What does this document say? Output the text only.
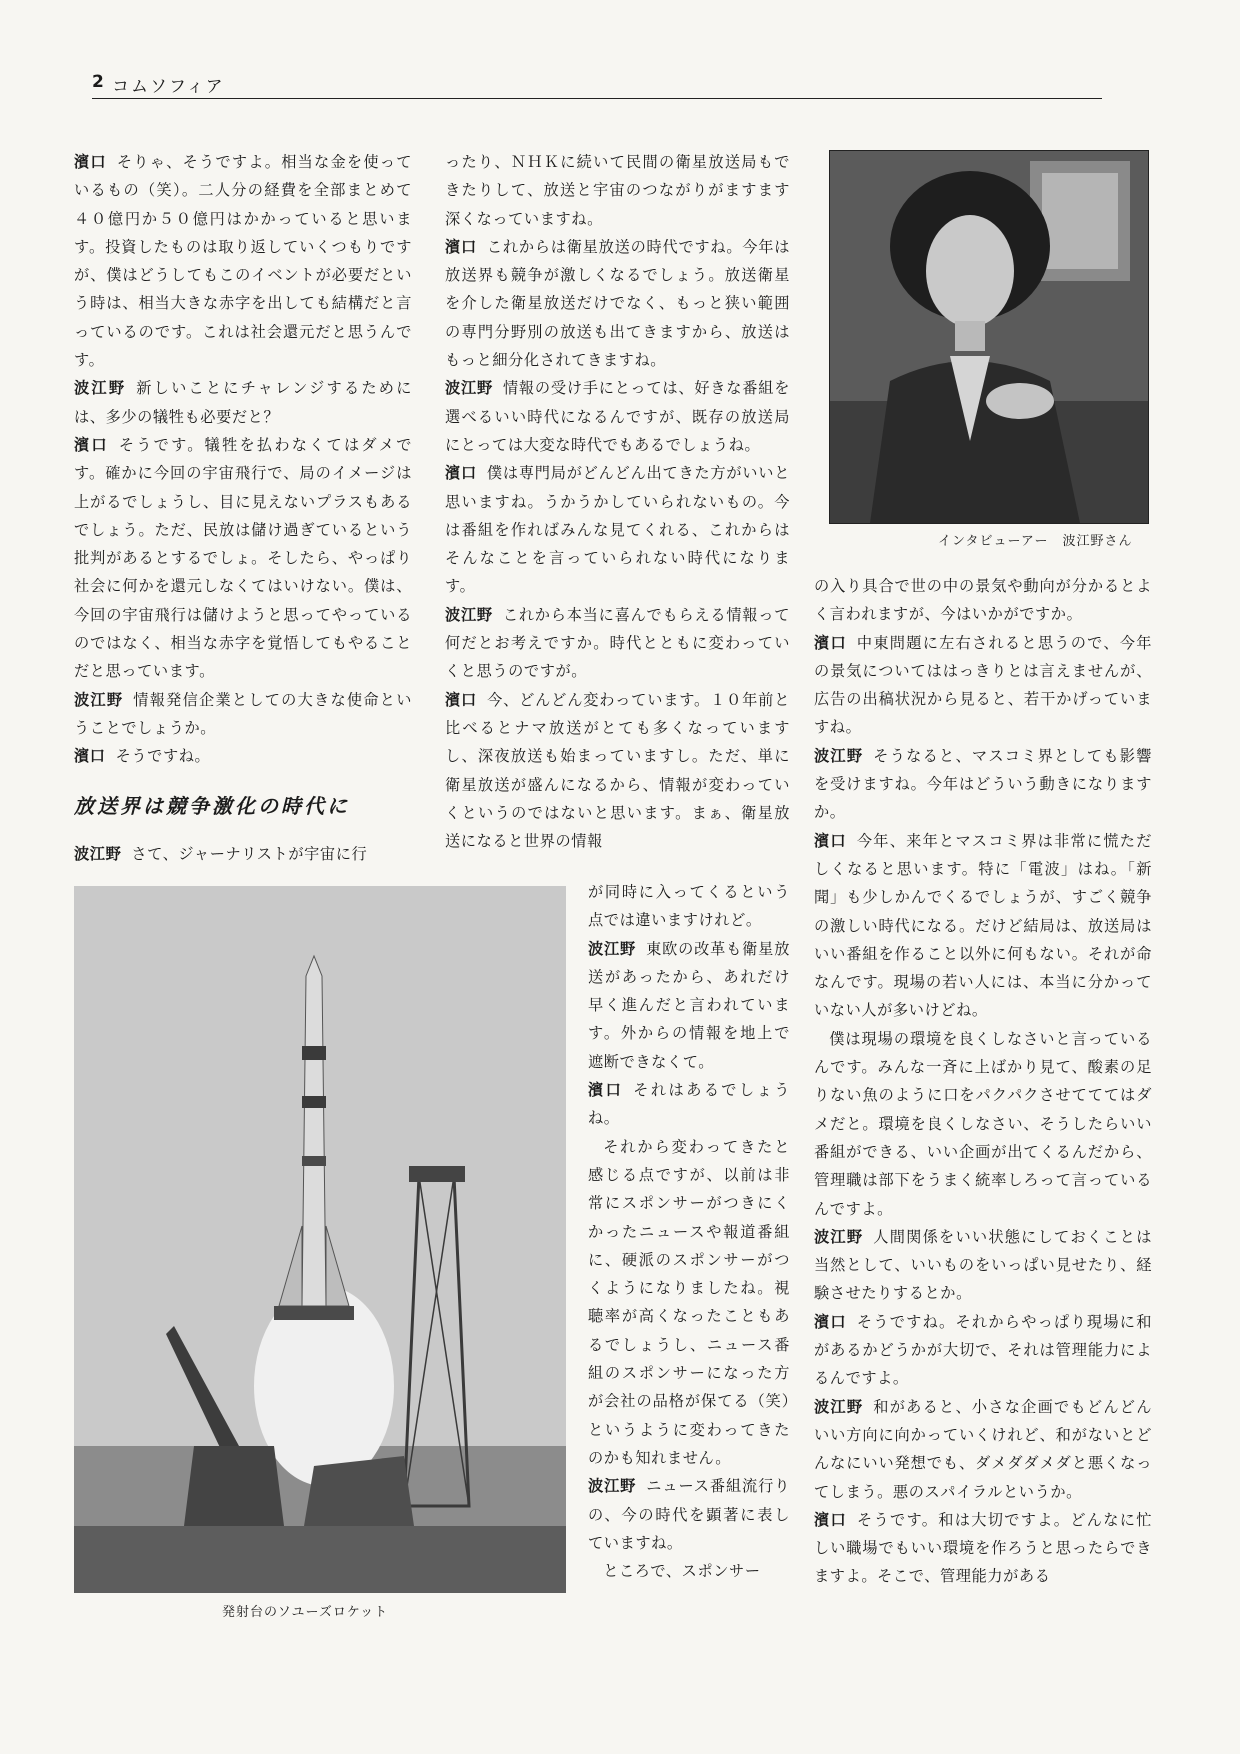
2 コムソフィア

濱口 そりゃ、そうですよ。相当な金を使っているもの（笑）。二人分の経費を全部まとめて４０億円か５０億円はかかっていると思います。投資したものは取り返していくつもりですが、僕はどうしてもこのイベントが必要だという時は、相当大きな赤字を出しても結構だと言っているのです。これは社会還元だと思うんです。

波江野 新しいことにチャレンジするためには、多少の犠牲も必要だと？

濱口 そうです。犠牲を払わなくてはダメです。確かに今回の宇宙飛行で、局のイメージは上がるでしょうし、目に見えないプラスもあるでしょう。ただ、民放は儲け過ぎているという批判があるとするでしょ。そしたら、やっぱり社会に何かを還元しなくてはいけない。僕は、今回の宇宙飛行は儲けようと思ってやっているのではなく、相当な赤字を覚悟してもやることだと思っています。

波江野 情報発信企業としての大きな使命ということでしょうか。

濱口 そうですね。

放送界は競争激化の時代に

波江野 さて、ジャーナリストが宇宙に行

ったり、ＮＨＫに続いて民間の衛星放送局もできたりして、放送と宇宙のつながりがますます深くなっていますね。

濱口 これからは衛星放送の時代ですね。今年は放送界も競争が激しくなるでしょう。放送衛星を介した衛星放送だけでなく、もっと狭い範囲の専門分野別の放送も出てきますから、放送はもっと細分化されてきますね。

波江野 情報の受け手にとっては、好きな番組を選べるいい時代になるんですが、既存の放送局にとっては大変な時代でもあるでしょうね。

濱口 僕は専門局がどんどん出てきた方がいいと思いますね。うかうかしていられないもの。今は番組を作ればみんな見てくれる、これからはそんなことを言っていられない時代になります。

波江野 これから本当に喜んでもらえる情報って何だとお考えですか。時代とともに変わっていくと思うのですが。

濱口 今、どんどん変わっています。１０年前と比べるとナマ放送がとても多くなっていますし、深夜放送も始まっていますし。ただ、単に衛星放送が盛んになるから、情報が変わっていくというのではないと思います。まぁ、衛星放送になると世界の情報

が同時に入ってくるという点では違いますけれど。

波江野 東欧の改革も衛星放送があったから、あれだけ早く進んだと言われています。外からの情報を地上で遮断できなくて。

濱口 それはあるでしょうね。

それから変わってきたと感じる点ですが、以前は非常にスポンサーがつきにくかったニュースや報道番組に、硬派のスポンサーがつくようになりましたね。視聴率が高くなったこともあるでしょうし、ニュース番組のスポンサーになった方が会社の品格が保てる（笑）というように変わってきたのかも知れません。

波江野 ニュース番組流行りの、今の時代を顕著に表していますね。

ところで、スポンサー

の入り具合で世の中の景気や動向が分かるとよく言われますが、今はいかがですか。

濱口 中東問題に左右されると思うので、今年の景気についてははっきりとは言えませんが、広告の出稿状況から見ると、若干かげっていますね。

波江野 そうなると、マスコミ界としても影響を受けますね。今年はどういう動きになりますか。

濱口 今年、来年とマスコミ界は非常に慌ただしくなると思います。特に「電波」はね。「新聞」も少しかんでくるでしょうが、すごく競争の激しい時代になる。だけど結局は、放送局はいい番組を作ること以外に何もない。それが命なんです。現場の若い人には、本当に分かっていない人が多いけどね。

僕は現場の環境を良くしなさいと言っているんです。みんな一斉に上ばかり見て、酸素の足りない魚のように口をパクパクさせてててはダメだと。環境を良くしなさい、そうしたらいい番組ができる、いい企画が出てくるんだから、管理職は部下をうまく統率しろって言っているんですよ。

波江野 人間関係をいい状態にしておくことは当然として、いいものをいっぱい見せたり、経験させたりするとか。

濱口 そうですね。それからやっぱり現場に和があるかどうかが大切で、それは管理能力によるんですよ。

波江野 和があると、小さな企画でもどんどんいい方向に向かっていくけれど、和がないとどんなにいい発想でも、ダメダダメダと悪くなってしまう。悪のスパイラルというか。

濱口 そうです。和は大切ですよ。どんなに忙しい職場でもいい環境を作ろうと思ったらできますよ。そこで、管理能力がある

インタビューアー　波江野さん
発射台のソユーズロケット
